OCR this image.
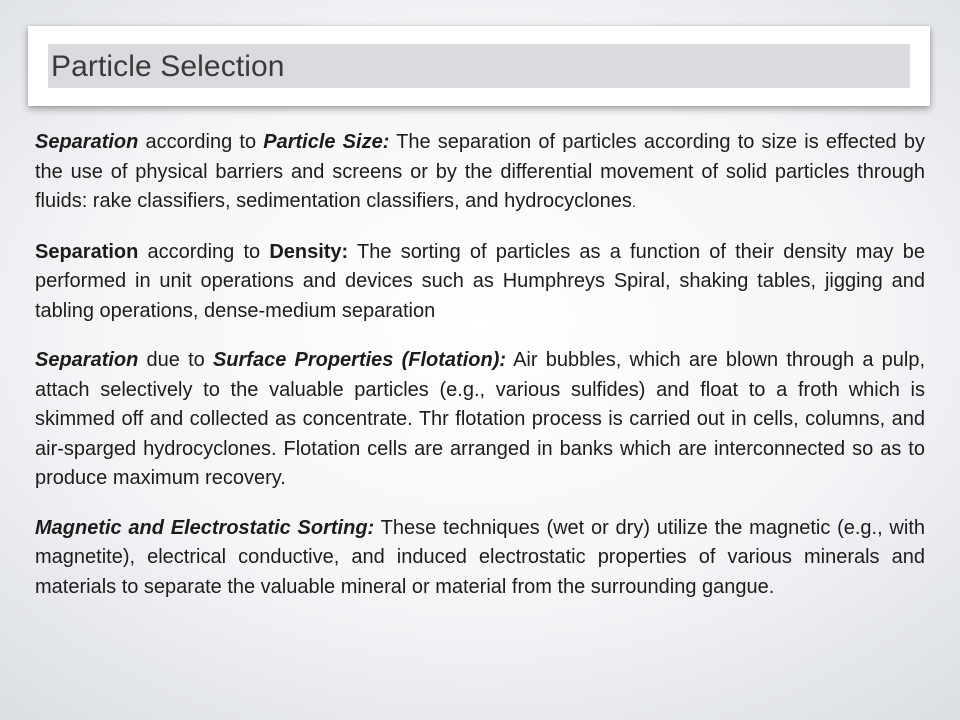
Particle Selection

Separation according to Particle Size: The separation of particles according to size is effected by the use of physical barriers and screens or by the differential movement of solid particles through fluids: rake classifiers, sedimentation classifiers, and hydrocyclones.

Separation according to Density: The sorting of particles as a function of their density may be performed in unit operations and devices such as Humphreys Spiral, shaking tables, jigging and tabling operations, dense-medium separation

Separation due to Surface Properties (Flotation): Air bubbles, which are blown through a pulp, attach selectively to the valuable particles (e.g., various sulfides) and float to a froth which is skimmed off and collected as concentrate. Thr flotation process is carried out in cells, columns, and air-sparged hydrocyclones. Flotation cells are arranged in banks which are interconnected so as to produce maximum recovery.

Magnetic and Electrostatic Sorting: These techniques (wet or dry) utilize the magnetic (e.g., with magnetite), electrical conductive, and induced electrostatic properties of various minerals and materials to separate the valuable mineral or material from the surrounding gangue.
